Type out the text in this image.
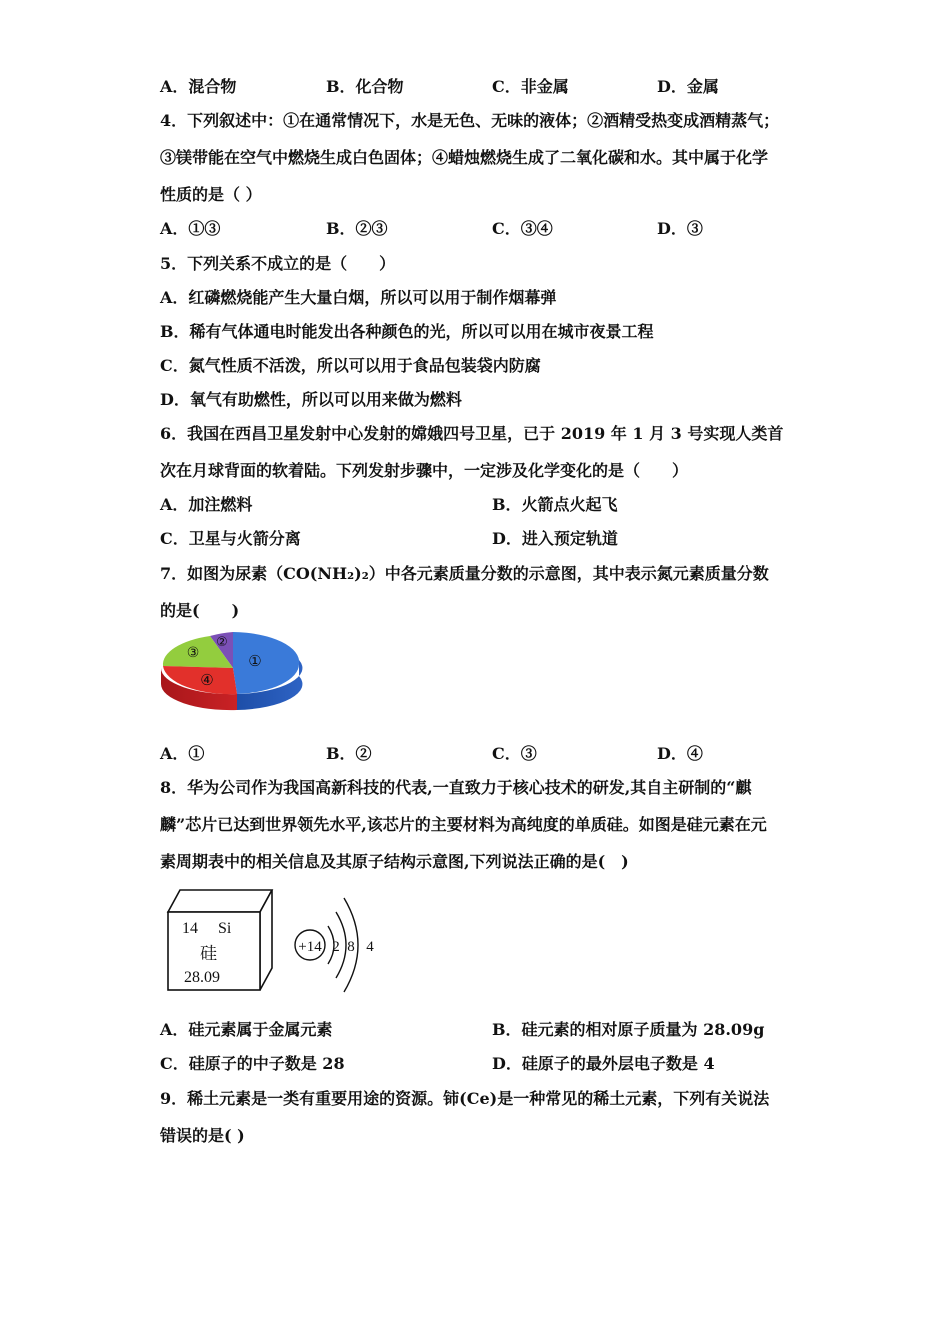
A．混合物	B．化合物	C．非金属	D．金属
4．下列叙述中：①在通常情况下，水是无色、无味的液体；②酒精受热变成酒精蒸气；
③镁带能在空气中燃烧生成白色固体；④蜡烛燃烧生成了二氧化碳和水。其中属于化学
性质的是（ ）
A．①③	B．②③	C．③④	D．③
5．下列关系不成立的是（　　）
A．红磷燃烧能产生大量白烟，所以可以用于制作烟幕弹
B．稀有气体通电时能发出各种颜色的光，所以可以用在城市夜景工程
C．氮气性质不活泼，所以可以用于食品包装袋内防腐
D．氧气有助燃性，所以可以用来做为燃料
6．我国在西昌卫星发射中心发射的嫦娥四号卫星，已于 2019 年 1 月 3 号实现人类首
次在月球背面的软着陆。下列发射步骤中，一定涉及化学变化的是（　　）
A．加注燃料	B．火箭点火起飞
C．卫星与火箭分离	D．进入预定轨道
7．如图为尿素（CO(NH₂)₂）中各元素质量分数的示意图，其中表示氮元素质量分数
的是(　　)
①
②
③
④
A．①	B．②	C．③	D．④
8．华为公司作为我国高新科技的代表,一直致力于核心技术的研发,其自主研制的“麒
麟”芯片已达到世界领先水平,该芯片的主要材料为高纯度的单质硅。如图是硅元素在元
素周期表中的相关信息及其原子结构示意图,下列说法正确的是(　)
14 Si
硅
28.09
+14 2 8 4
A．硅元素属于金属元素	B．硅元素的相对原子质量为 28.09g
C．硅原子的中子数是 28	D．硅原子的最外层电子数是 4
9．稀土元素是一类有重要用途的资源。铈(Ce)是一种常见的稀土元素，下列有关说法
错误的是( )
